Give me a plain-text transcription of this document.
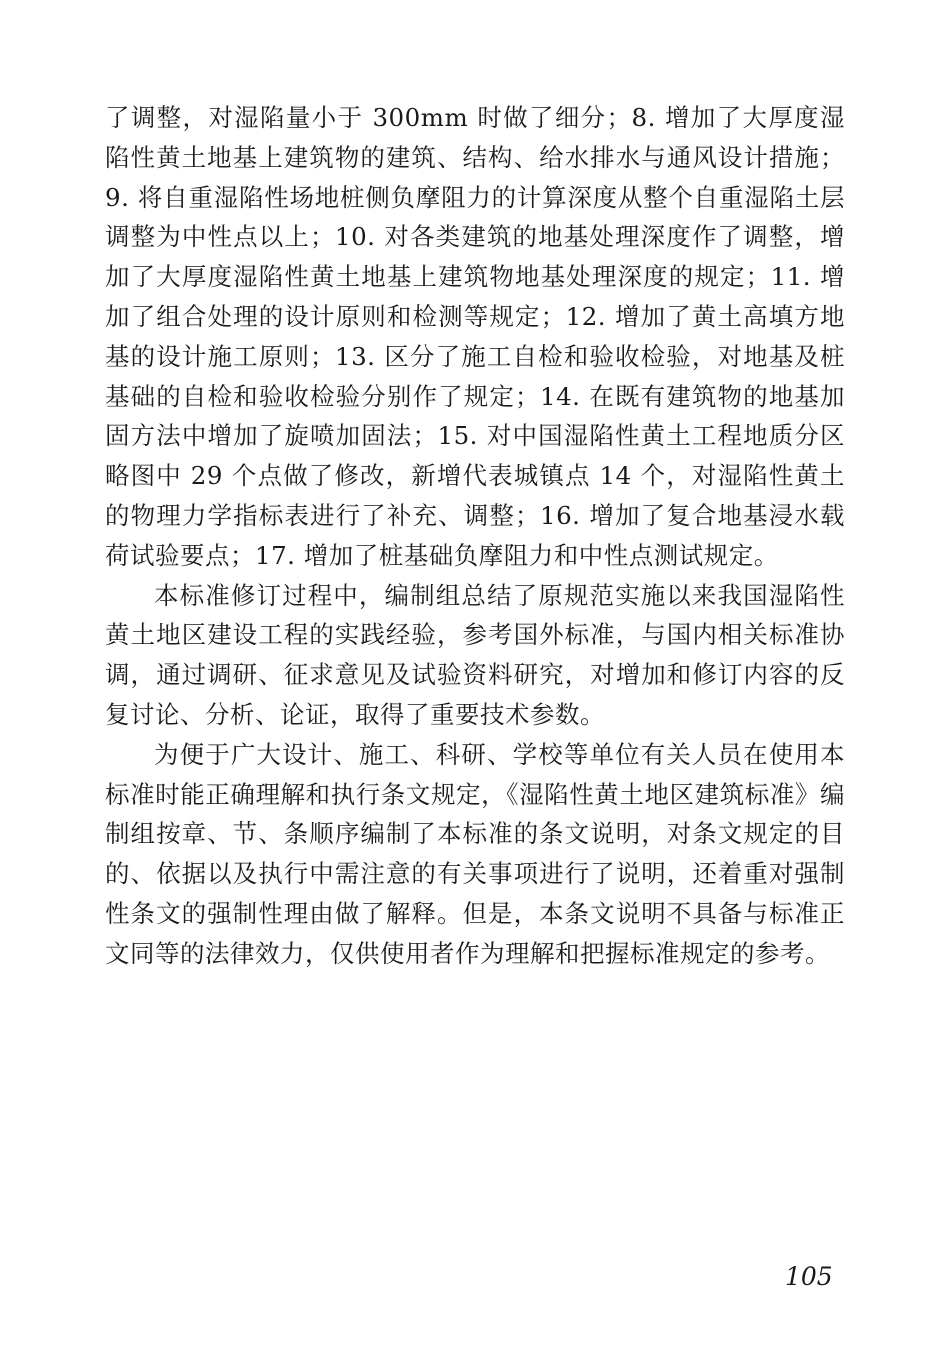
了调整，对湿陷量小于 300mm 时做了细分；8. 增加了大厚度湿陷性黄土地基上建筑物的建筑、结构、给水排水与通风设计措施；9. 将自重湿陷性场地桩侧负摩阻力的计算深度从整个自重湿陷土层调整为中性点以上；10. 对各类建筑的地基处理深度作了调整，增加了大厚度湿陷性黄土地基上建筑物地基处理深度的规定；11. 增加了组合处理的设计原则和检测等规定；12. 增加了黄土高填方地基的设计施工原则；13. 区分了施工自检和验收检验，对地基及桩基础的自检和验收检验分别作了规定；14. 在既有建筑物的地基加固方法中增加了旋喷加固法；15. 对中国湿陷性黄土工程地质分区略图中 29 个点做了修改，新增代表城镇点 14 个，对湿陷性黄土的物理力学指标表进行了补充、调整；16. 增加了复合地基浸水载荷试验要点；17. 增加了桩基础负摩阻力和中性点测试规定。

本标准修订过程中，编制组总结了原规范实施以来我国湿陷性黄土地区建设工程的实践经验，参考国外标准，与国内相关标准协调，通过调研、征求意见及试验资料研究，对增加和修订内容的反复讨论、分析、论证，取得了重要技术参数。

为便于广大设计、施工、科研、学校等单位有关人员在使用本标准时能正确理解和执行条文规定，《湿陷性黄土地区建筑标准》编制组按章、节、条顺序编制了本标准的条文说明，对条文规定的目的、依据以及执行中需注意的有关事项进行了说明，还着重对强制性条文的强制性理由做了解释。但是，本条文说明不具备与标准正文同等的法律效力，仅供使用者作为理解和把握标准规定的参考。

105
